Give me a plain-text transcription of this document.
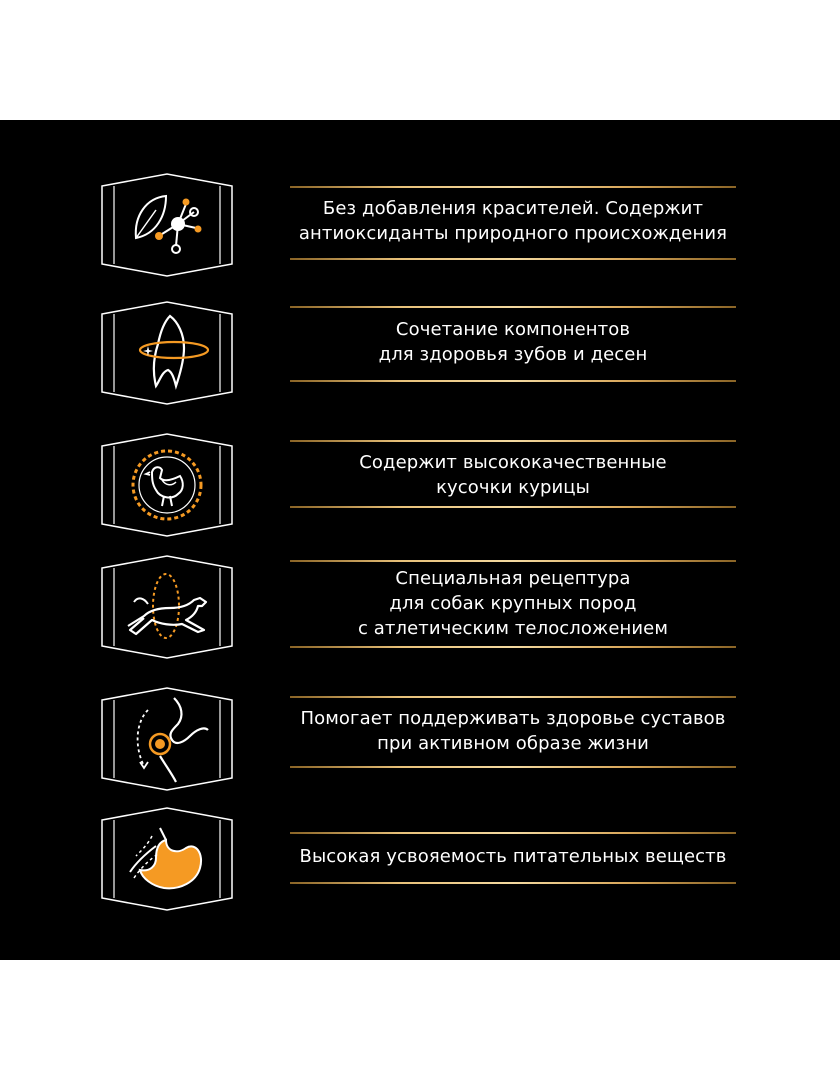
Без добавления красителей. Содержит
антиоксиданты природного происхождения
Сочетание компонентов
для здоровья зубов и десен
Содержит высококачественные
кусочки курицы
Специальная рецептура
для собак крупных пород
с атлетическим телосложением
Помогает поддерживать здоровье суставов
при активном образе жизни
Высокая усвояемость питательных веществ
